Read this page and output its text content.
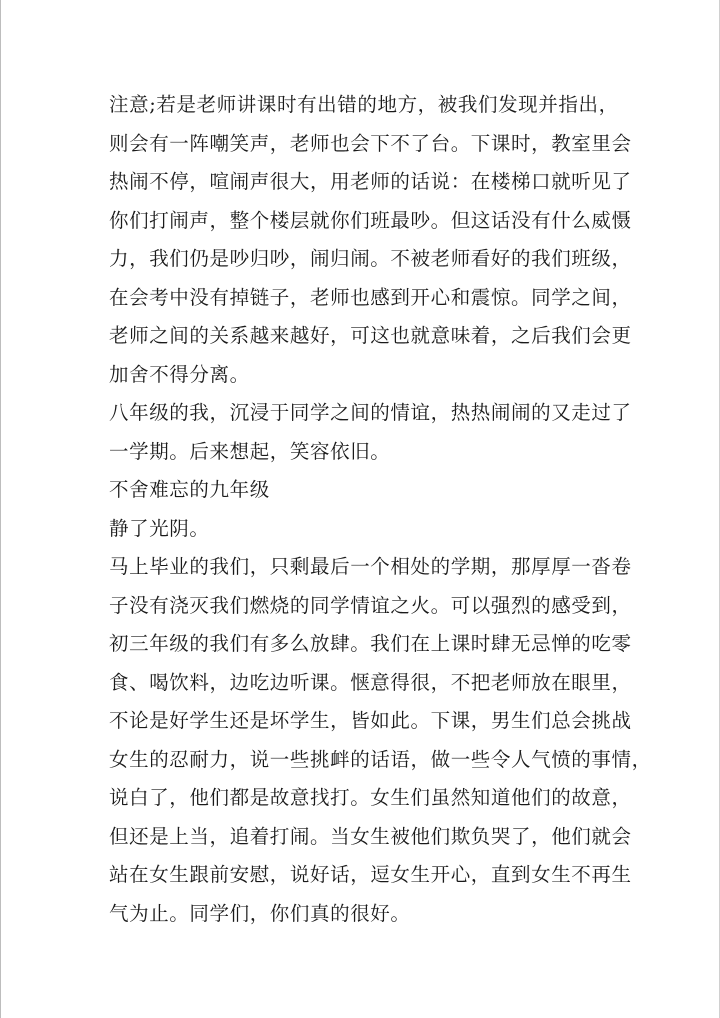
注意;若是老师讲课时有出错的地方，被我们发现并指出，
则会有一阵嘲笑声，老师也会下不了台。下课时，教室里会
热闹不停，喧闹声很大，用老师的话说：在楼梯口就听见了
你们打闹声，整个楼层就你们班最吵。但这话没有什么威慑
力，我们仍是吵归吵，闹归闹。不被老师看好的我们班级，
在会考中没有掉链子，老师也感到开心和震惊。同学之间，
老师之间的关系越来越好，可这也就意味着，之后我们会更
加舍不得分离。
八年级的我，沉浸于同学之间的情谊，热热闹闹的又走过了
一学期。后来想起，笑容依旧。
不舍难忘的九年级
静了光阴。
马上毕业的我们，只剩最后一个相处的学期，那厚厚一沓卷
子没有浇灭我们燃烧的同学情谊之火。可以强烈的感受到，
初三年级的我们有多么放肆。我们在上课时肆无忌惮的吃零
食、喝饮料，边吃边听课。惬意得很，不把老师放在眼里，
不论是好学生还是坏学生，皆如此。下课，男生们总会挑战
女生的忍耐力，说一些挑衅的话语，做一些令人气愤的事情，
说白了，他们都是故意找打。女生们虽然知道他们的故意，
但还是上当，追着打闹。当女生被他们欺负哭了，他们就会
站在女生跟前安慰，说好话，逗女生开心，直到女生不再生
气为止。同学们，你们真的很好。
